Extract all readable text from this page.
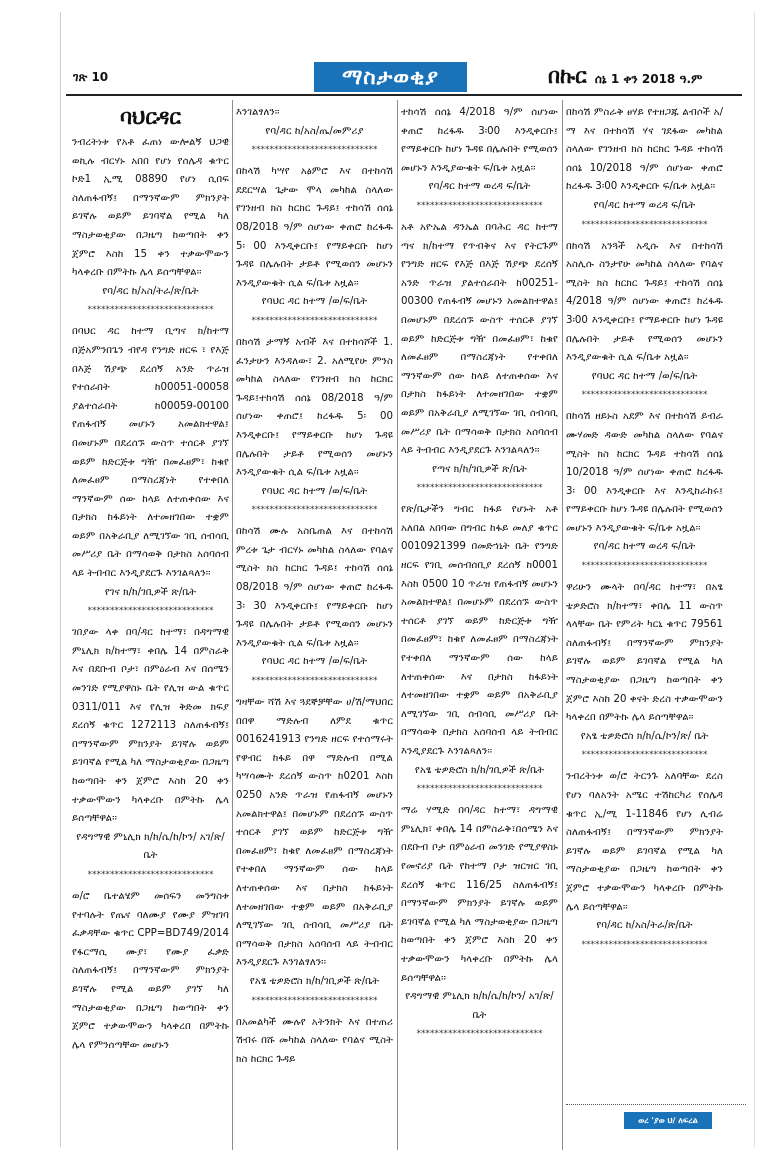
ገጽ 10	ማስታወቂያ	በኩር ሰኔ 1 ቀን 2018 ዓ.ም
ባህርዳር

ንብረትነቱ የአቶ ፈጠነ ውሎልኝ ህጋዊ ወኪሉ ብርሃኑ አበበ የሆነ የሰሌዳ ቁጥር ኮድ1 ኢሚ 08890 የሆነ ሲበፍ ስለጠፋብኝ፤ በማንኛውም ምክንያት ይገኛሉ ወይም ይገባኛል የሚል ካለ ማስታወቂያው በጋዜጣ ከወጣበት ቀን ጀምሮ እስከ 15 ቀን ተቃውሞውን ካላቀረቡ በምትኩ ሌላ ይሰጣቸዋል፡፡

የባ/ዳር ከ/አስ/ትራ/ጽ/ቤት

****************************

በባህር ዳር ከተማ ቢጣና ክ/ከተማ በጅአምንበጌን ብየዳ የንግድ ዘርፍ ፣ የእጅ በእጅ ሽያጭ ደረሰኝ አንድ ጥራዝ የተሰራበት ከ00051-00058 ያልተሰራበት ከ00059-00100 የጠፋብኝ መሆኑን አመልክተዋል፤ በመሆኑም በደረሰኙ ውስጥ ተሰርቶ ያገኘ ወይም ከድርጅቱ ግዥ በመፈፀም፣ ከቁየ ለመፈፀም በማስረጃነት የተቀበለ ማንኛውም ሰው ከላይ ለተጠቀሰው እና በታክስ ከፋይነት ለተመዘገበው ተቋም ወይም በአቅራቢያ ለሚገኘው ገቢ ሰብሳቢ መሥሪያ ቤት በማሳወቅ በታክስ አሰባሰብ ላይ ትብብር እንዲያደርጉ እንገልጻለን፡፡

የገና ክ/ከ/ገቢዎች ጽ/ቤት

****************************

ገበያው ላቀ በባ/ዳር ከተማ፣ በዳግማዊ ምኒሊክ ክ/ከተማ፣ ቀበሌ 14 በምስራቅ እና በደቡብ ቦታ፣ በምዕራብ እና በሰሜን መንገድ የሚያዋስኑ ቤት የሊዝ ውል ቁጥር 0311/011 እና የሊዝ ቅድመ ክፍያ ደረሰኝ ቁጥር 1272113 ስለጠፋብኝ፤ በማንኛውም ምክንያት ይገኛሉ ወይም ይገባኛል የሚል ካለ ማስታወቂያው በጋዜጣ ከወጣበት ቀን ጀምሮ እስከ 20 ቀን ተቃውሞውን ካላቀረቡ በምትኩ ሌላ ይሰጣቸዋል፡፡

የዳግማዊ ምኒሊክ ክ/ከ/ሴ/ከ/ኮን/ አገ/ጽ/ቤት

****************************

ወ/ሮ ቤተልሄም መሰፍን መንግስቱ የተባሉት የጤና ባለሙያ የሙያ ምዝገባ ፈቃዳቸው ቁጥር CPP=BD749/2014 የፋርማሲ ሙያ፣ የሙያ ፈቃድ ስለጠፋብኝ፤ በማንኛውም ምክንያት ይገኛሉ የሚል ወይም ያገኘ ካለ ማስታወቂያው በጋዜጣ ከወጣበት ቀን ጀምሮ ተቃውሞውን ካላቀረበ በምትኩ ሌላ የምንሰጣቸው መሆኑን

እንገልፃለን፡፡

የባ/ዳር ከ/አስ/ጤ/መምሪያ

****************************

በከላሽ ካሣየ አፅምሮ እና በተከሳሽ ደደርሣል ጌታው ሞላ መካከል ስላለው የገንዘብ ክስ ከርክር ጉዳይ፤ ተከሳሽ ሰሰኔ 08/2018 ዓ/ም ሰሆነው ቀጠሮ ከረፋዱ 5፡ 00 እንዲቀርቡ፤ የማይቀርቡ ከሆነ ጉዳዩ በሌሉበት ታይቶ የሚወሰን መሆኑን እንዲያውቁት ሲል ፍ/ቤቱ አዟል፡፡

የባህር ዳር ከተማ /ወ/ፍ/ቤት

****************************

በከሳሽ ታማኝ አብች እና በተከሳሾች 1. ፈንታሁን እንዳለው፣ 2. አለሚየሁ ምንስ መካከል ስላለው የገንዘብ ክስ ከርክር ጉዳይ፤ተከሳሽ ሰሰኔ 08/2018 ዓ/ም ሰሆነው ቀጠሮ፤ ከረፋዱ 5፡ 00 እንዲቀርቡ፤ የማይቀርቡ ከሆነ ጉዳዩ በሌሉበት ታይቶ የሚወሰን መሆኑን እንዲያውቁት ሲል ፍ/ቤቱ አዟል፡፡

የባህር ዳር ከተማ /ወ/ፍ/ቤት

****************************

በከሳሽ ሙሉ አስቤጠል እና በተከሳሽ ምረቱ ጌታ ብርሃኑ መካከል ስላለው የባልና ሚስት ክስ ከርክር ጉዳይ፤ ተከሳሽ ሰሰኔ 08/2018 ዓ/ም ሰሆነው ቀጠሮ ከረፋዱ 3፡ 30 እንዲቀርቡ፤ የማይቀርቡ ከሆነ ጉዳዩ በሌሉበት ታይቶ የሚወሰን መሆኑን እንዲያውቁት ሲል ፍ/ቤቱ አዟል፡፡

የባህር ዳር ከተማ /ወ/ፍ/ቤት

****************************

ግዛቸው ሻሽ እና ጓደኞቻቸው ሀ/ሽ/ማህበር በበዋ ማድሉብ ለምደ ቁጥር 0016241913 የንግድ ዘርፍ የተሰማሩት የዋብር ከፋይ በዋ ማድሉብ በሚል ካሣሳሙት ደረሰኝ ውስጥ ከ0201 እስከ 0250 አንድ ጥራዝ የጠፋብኝ መሆኑን አመልክተዋል፤ በመሆኑም በደረሰኙ ውስጥ ተሰርቶ ያገኘ ወይም ከድርጅቱ ግዥ በመፈፀም፣ ከቁየ ለመፈፀም በማስረጃነት የተቀበለ ማንኛውም ሰው ከላይ ለተጠቀሰው እና በታክስ ከፋይነት ለተመዘገበው ተቋም ወይም በአቅራቢያ ለሚገኘው ገቢ ሰብሳቢ መሥሪያ ቤት በማሳወቅ በታክስ አሰባሰብ ላይ ትብብር እንዲያደርጉ እንገልፃለን፡፡

የአፄ ቴዎድሮስ ክ/ከ/ገቢዎች ጽ/ቤት

****************************

በአመልካች ሙሉየ አትንክት እና በተጠሪ ሽብሩ በሹ መካከል ስላለው የባልና ሚስት ክስ ከርክር ጉዳይ

ተከሳሽ ሰሰኔ 4/2018 ዓ/ም ሰሆነው ቀጠሮ ከረፋዱ 3፡00 እንዲቀርቡ፤ የማይቀርቡ ከሆነ ጉዳዩ በሌሉበት የሚወሰን መሆኑን እንዲያውቁት ፍ/ቤቱ አዟል፡፡

የባ/ዳር ከተማ ወረዳ ፍ/ቤት

****************************

አቶ አዮኤል ዳንኤል በባሕር ዳር ከተማ ጣና ክ/ከተማ የጥብቅና እና የትርጉም የንግድ ዘርፍ የእጅ በእጅ ሽያጭ ደረሰኝ አንድ ጥራዝ ያልተሰራበት ከ00251-00300 የጠፋብኝ መሆኑን አመልክተዋል፤ በመሆኑም በደረሰኙ ውስጥ ተሰርቶ ያገኘ ወይም ከድርጅቱ ግዥ በመፈፀም፣ ከቁየ ለመፈፀም በማስረጃነት የተቀበለ ማንኛውም ሰው ከላይ ለተጠቀሰው እና በታክስ ከፋይነት ለተመዘገበው ተቋም ወይም በአቅራቢያ ለሚገኘው ገቢ ሰብሳቢ መሥሪያ ቤት በማሳወቅ በታክስ አሰባሰብ ላይ ትብብር እንዲያደርጉ እንገልጻለን፡፡

የጣና ክ/ከ/ገቢዎች ጽ/ቤት

****************************

የጽ/ቤታችን ግብር ከፋይ የሆኑት አቶ አለበል አበባው በግብር ከፋይ መለያ ቁጥር 0010921399 በመድኀኒት ቤት የንግድ ዘርፍ የገቢ መሰብሰቢያ ደረሰኝ ከ0001 እስከ 0500 10 ጥራዝ የጠፋብኝ መሆኑን አመልክተዋል፤ በመሆኑም በደረሰኙ ውስጥ ተሰርቶ ያገኘ ወይም ከድርጅቱ ግዥ በመፈፀም፣ ከቁየ ለመፈፀም በማስረጃነት የተቀበለ ማንኛውም ሰው ከላይ ለተጠቀሰው እና በታክስ ከፋይነት ለተመዘገበው ተቋም ወይም በአቅራቢያ ለሚገኘው ገቢ ሰብሳቢ መሥሪያ ቤት በማሳወቅ በታክስ አሰባሰብ ላይ ትብብር እንዲያደርጉ እንገልጻለን፡፡

የአፄ ቴዎድሮስ ክ/ከ/ገቢዎች ጽ/ቤት

****************************

ማሬ ሃሚድ በባ/ዳር ከተማ፣ ዳግማዊ ምኒሊክ፣ ቀበሌ 14 በምስራቅ፣በሰሜን እና በደቡብ ቦታ በምዕራብ መንገድ የሚያዋስኑ የመኖሪያ ቤት የከተማ ቦታ ዝርዝር ገቢ ደረሰኝ ቁጥር 116/25 ስለጠፋብኝ፤ በማንኛውም ምክንያት ይገኛሉ ወይም ይገባኛል የሚል ካለ ማስታወቂያው በጋዜጣ ከወጣበት ቀን ጀምሮ እስከ 20 ቀን ተቃውሞውን ካላቀረቡ በምትኩ ሌላ ይሰጣቸዋል፡፡

የዳግማዊ ምኒሊክ ክ/ከ/ሴ/ከ/ኮን/ አገ/ጽ/ቤት

****************************

በከሳሽ ምስራቅ ፀሃይ የተዘጋጁ ልብሶች አ/ማ እና በተከሳሽ ሃና ገደፋው መካከል ስላለው የገንዘብ ክስ ከርክር ጉዳይ ተከሳሽ ሰሰኔ 10/2018 ዓ/ም ሰሆነው ቀጠሮ ከረፋዱ 3፡00 እንዲቀርቡ ፍ/ቤቱ አዟል፡፡

የባ/ዳር ከተማ ወረዳ ፍ/ቤት

****************************

በከሳሽ አንጓች አዲሱ እና በተከሳሽ አስሊሱ ስንታየሁ መካከል ስላለው የባልና ሚስት ክስ ከርክር ጉዳይ፤ ተከሳሽ ሰሰኔ 4/2018 ዓ/ም ሰሆነው ቀጠሮ፤ ከረፋዱ 3፡00 እንዲቀርቡ፤ የማይቀርቡ ከሆነ ጉዳዩ በሌሉበት ታይቶ የሚወሰን መሆኑን እንዲያውቁት ሲል ፍ/ቤቱ አዟል፡፡

የባህር ዳር ከተማ /ወ/ፍ/ቤት

****************************

በከሳሽ ዘይኑስ አደም እና በተከሳሽ ይብራ ሙሃመድ ዳውድ መካከል ስላለው የባልና ሚስት ክስ ከርክር ጉዳይ ተከሳሽ ሰሰኔ 10/2018 ዓ/ም ሰሆነው ቀጠሮ ከረፋዱ 3፡ 00 እንዲቀርቡ እና እንዲከራከሩ፤ የማይቀርቡ ከሆነ ጉዳዩ በሌሉበት የሚወሰን መሆኑን እንዲያውቁት ፍ/ቤቱ አዟል፡፡

የባ/ዳር ከተማ ወረዳ ፍ/ቤት

****************************

ዋሪሁን ሙላት በባ/ዳር ከተማ፣ በአፄ ቴዎድሮስ ክ/ከተማ፣ ቀበሌ 11 ውስጥ ላላቸው ቤት የምሪት ካርኒ ቁጥር 79561 ስለጠፋብኝ፤ በማንኛውም ምክንያት ይገኛሉ ወይም ይገባኛል የሚል ካለ ማስታወቂያው በጋዜጣ ከወጣበት ቀን ጀምሮ እስከ 20 ቀናት ድረስ ተቃውሞውን ካላቀረበ በምትኩ ሌላ ይሰጣቸዋል፡፡

የአፄ ቴዎድሮስ ክ/ከ/ሴ/ኮን/ጽ/ ቤት

****************************

ንብረትነቱ ወ/ሮ ትርንጉ አለባቸው ደረስ የሆነ ባለአንት አሜር ተሽከርካሪ የሰሌዳ ቁጥር ኢ/ሚ 1-11846 የሆነ ሊብሬ ስለጠፋብኝ፤ በማንኛውም ምክንያት ይገኛሉ ወይም ይገባኛል የሚል ካለ ማስታወቂያው በጋዜጣ ከወጣበት ቀን ጀምሮ ተቃውሞውን ካላቀረቡ በምትኩ ሌላ ይሰጣቸዋል፡፡

የባ/ዳር ከ/አስ/ትራ/ጽ/ቤት

****************************
ወረ 'ያወ ህ/ ለፍረል
